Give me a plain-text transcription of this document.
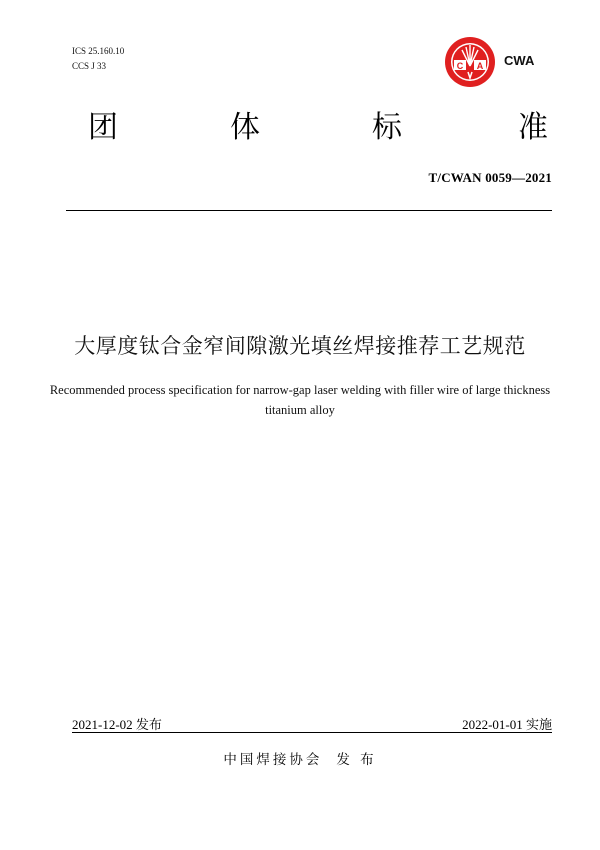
ICS 25.160.10
CCS J 33	C A CWA
团	体	标	准
T/CWAN 0059—2021
大厚度钛合金窄间隙激光填丝焊接推荐工艺规范
Recommended process specification for narrow-gap laser welding with filler wire of large thickness
titanium alloy
2021-12-02 发布	2022-01-01 实施
中国焊接协会 发 布
